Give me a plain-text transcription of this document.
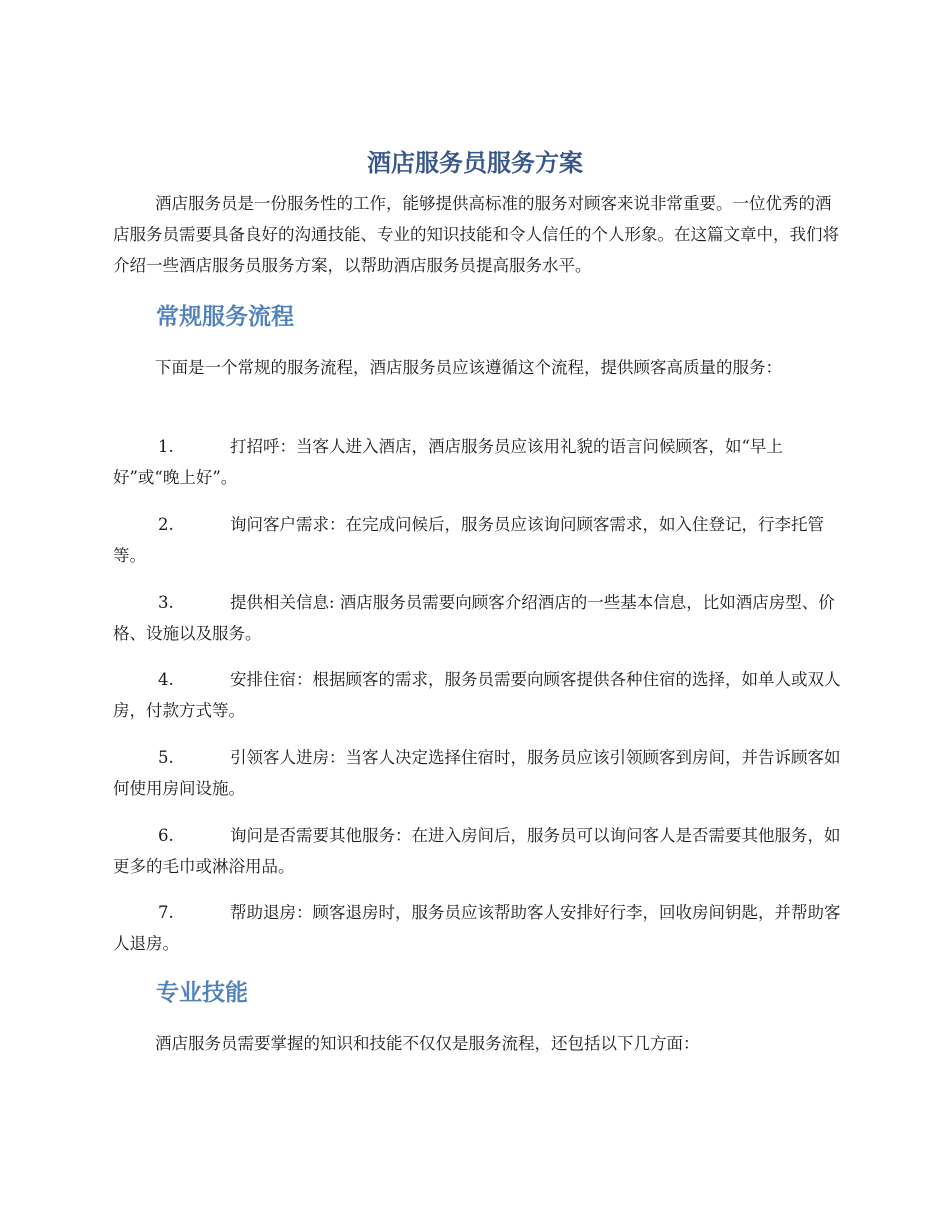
酒店服务员服务方案

酒店服务员是一份服务性的工作，能够提供高标准的服务对顾客来说非常重要。一位优秀的酒店服务员需要具备良好的沟通技能、专业的知识技能和令人信任的个人形象。在这篇文章中，我们将介绍一些酒店服务员服务方案，以帮助酒店服务员提高服务水平。

常规服务流程

下面是一个常规的服务流程，酒店服务员应该遵循这个流程，提供顾客高质量的服务：

1.	打招呼：当客人进入酒店，酒店服务员应该用礼貌的语言问候顾客，如“早上好”或“晚上好”。

2.	询问客户需求：在完成问候后，服务员应该询问顾客需求，如入住登记，行李托管等。

3.	提供相关信息: 酒店服务员需要向顾客介绍酒店的一些基本信息，比如酒店房型、价格、设施以及服务。

4.	安排住宿：根据顾客的需求，服务员需要向顾客提供各种住宿的选择，如单人或双人房，付款方式等。

5.	引领客人进房：当客人决定选择住宿时，服务员应该引领顾客到房间，并告诉顾客如何使用房间设施。

6.	询问是否需要其他服务：在进入房间后，服务员可以询问客人是否需要其他服务，如更多的毛巾或淋浴用品。

7.	帮助退房：顾客退房时，服务员应该帮助客人安排好行李，回收房间钥匙，并帮助客人退房。

专业技能

酒店服务员需要掌握的知识和技能不仅仅是服务流程，还包括以下几方面：
